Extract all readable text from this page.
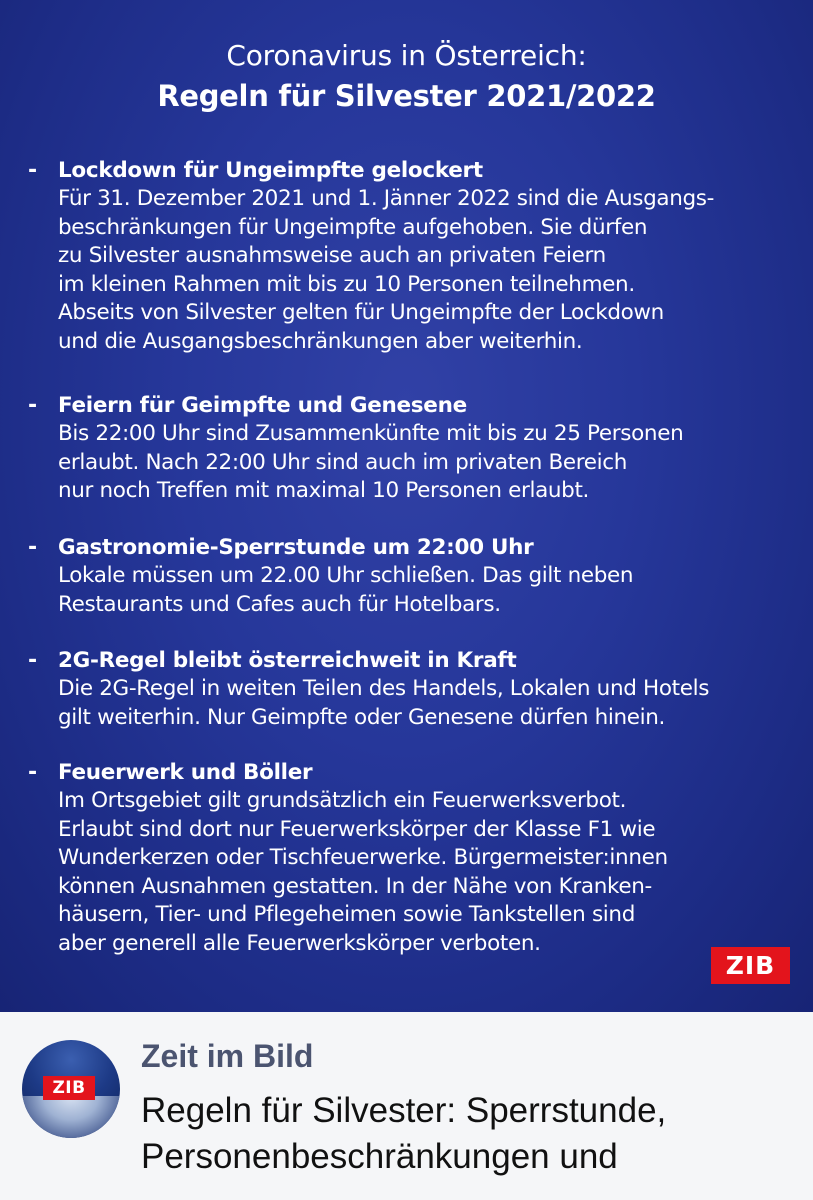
Coronavirus in Österreich:
Regeln für Silvester 2021/2022
- Lockdown für Ungeimpfte gelockert
Für 31. Dezember 2021 und 1. Jänner 2022 sind die Ausgangs-
beschränkungen für Ungeimpfte aufgehoben. Sie dürfen
zu Silvester ausnahmsweise auch an privaten Feiern
im kleinen Rahmen mit bis zu 10 Personen teilnehmen.
Abseits von Silvester gelten für Ungeimpfte der Lockdown
und die Ausgangsbeschränkungen aber weiterhin.
- Feiern für Geimpfte und Genesene
Bis 22:00 Uhr sind Zusammenkünfte mit bis zu 25 Personen
erlaubt. Nach 22:00 Uhr sind auch im privaten Bereich
nur noch Treffen mit maximal 10 Personen erlaubt.
- Gastronomie-Sperrstunde um 22:00 Uhr
Lokale müssen um 22.00 Uhr schließen. Das gilt neben
Restaurants und Cafes auch für Hotelbars.
- 2G-Regel bleibt österreichweit in Kraft
Die 2G-Regel in weiten Teilen des Handels, Lokalen und Hotels
gilt weiterhin. Nur Geimpfte oder Genesene dürfen hinein.
- Feuerwerk und Böller
Im Ortsgebiet gilt grundsätzlich ein Feuerwerksverbot.
Erlaubt sind dort nur Feuerwerkskörper der Klasse F1 wie
Wunderkerzen oder Tischfeuerwerke. Bürgermeister:innen
können Ausnahmen gestatten. In der Nähe von Kranken-
häusern, Tier- und Pflegeheimen sowie Tankstellen sind
aber generell alle Feuerwerkskörper verboten.
ZIB
ZIB
Zeit im Bild
Regeln für Silvester: Sperrstunde,
Personenbeschränkungen und
